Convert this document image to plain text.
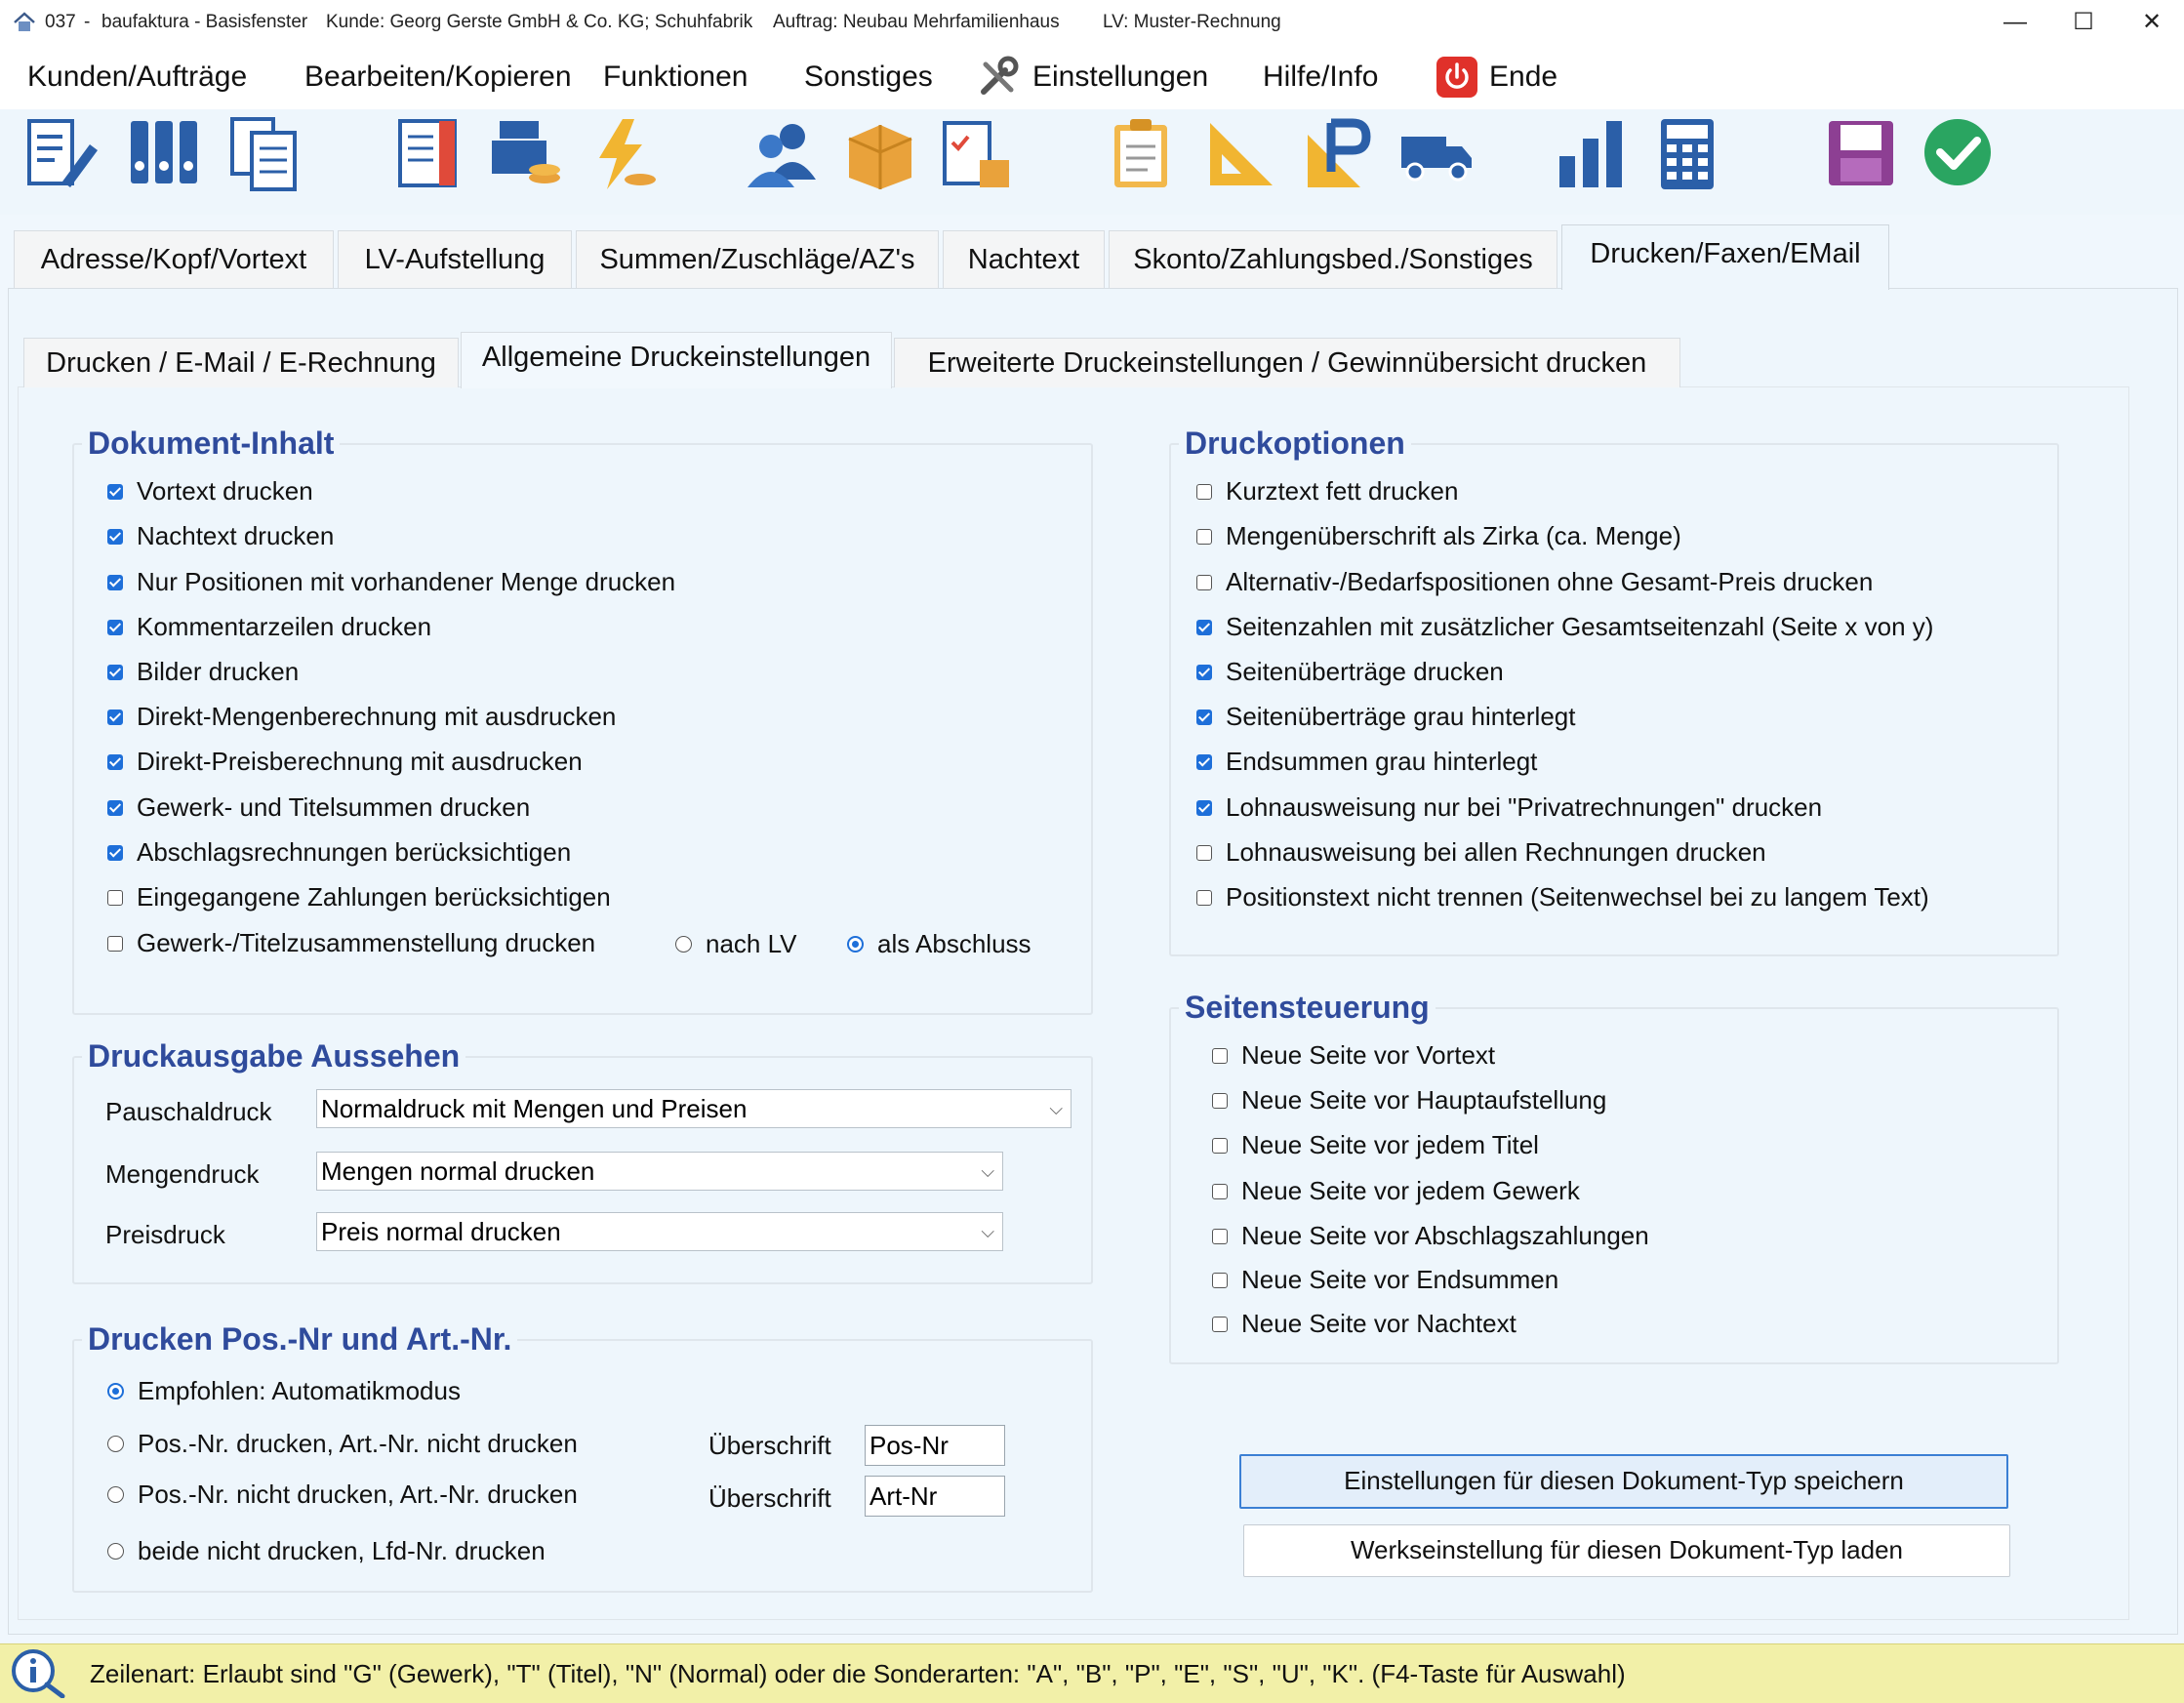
037 - baufaktura - Basisfenster Kunde: Georg Gerste GmbH & Co. KG; Schuhfabrik Auftrag: Neubau Mehrfamilienhaus LV: Muster-Rechnung	—	☐	✕
Kunden/Aufträge Bearbeiten/Kopieren Funktionen Sonstiges	Einstellungen Hilfe/Info	Ende
Adresse/Kopf/Vortext	LV-Aufstellung	Summen/Zuschläge/AZ's	Nachtext	Skonto/Zahlungsbed./Sonstiges	Drucken/Faxen/EMail
Drucken / E-Mail / E-Rechnung	Allgemeine Druckeinstellungen	Erweiterte Druckeinstellungen / Gewinnübersicht drucken
Dokument-Inhalt
Vortext drucken
Nachtext drucken
Nur Positionen mit vorhandener Menge drucken
Kommentarzeilen drucken
Bilder drucken
Direkt-Mengenberechnung mit ausdrucken
Direkt-Preisberechnung mit ausdrucken
Gewerk- und Titelsummen drucken
Abschlagsrechnungen berücksichtigen
Eingegangene Zahlungen berücksichtigen
Gewerk-/Titelzusammenstellung drucken	nach LV	als Abschluss
Druckausgabe Aussehen
Pauschaldruck Normaldruck mit Mengen und Preisen	⌵
Mengendruck Mengen normal drucken	⌵
Preisdruck	Preis normal drucken	⌵
Drucken Pos.-Nr und Art.-Nr.
Empfohlen: Automatikmodus
Pos.-Nr. drucken, Art.-Nr. nicht drucken
Pos.-Nr. nicht drucken, Art.-Nr. drucken
beide nicht drucken, Lfd-Nr. drucken
Überschrift Pos-Nr
Überschrift Art-Nr
Druckoptionen
Kurztext fett drucken
Mengenüberschrift als Zirka (ca. Menge)
Alternativ-/Bedarfspositionen ohne Gesamt-Preis drucken
Seitenzahlen mit zusätzlicher Gesamtseitenzahl (Seite x von y)
Seitenüberträge drucken
Seitenüberträge grau hinterlegt
Endsummen grau hinterlegt
Lohnausweisung nur bei "Privatrechnungen" drucken
Lohnausweisung bei allen Rechnungen drucken
Positionstext nicht trennen (Seitenwechsel bei zu langem Text)
Seitensteuerung
Neue Seite vor Vortext
Neue Seite vor Hauptaufstellung
Neue Seite vor jedem Titel
Neue Seite vor jedem Gewerk
Neue Seite vor Abschlagszahlungen
Neue Seite vor Endsummen
Neue Seite vor Nachtext
Einstellungen für diesen Dokument-Typ speichern
Werkseinstellung für diesen Dokument-Typ laden
Zeilenart: Erlaubt sind "G" (Gewerk), "T" (Titel), "N" (Normal) oder die Sonderarten: "A", "B", "P", "E", "S", "U", "K". (F4-Taste für Auswahl)
